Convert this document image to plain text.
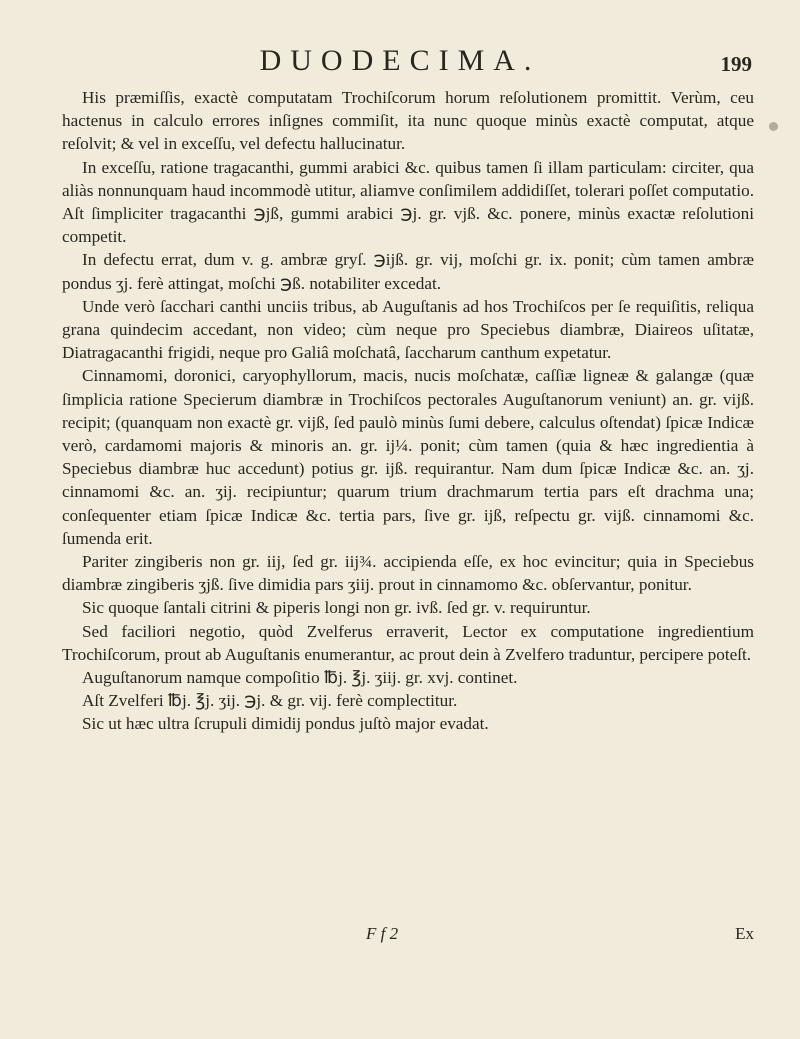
DUODECIMA.	199

His præmiſſis, exactè computatam Trochiſcorum horum reſolutionem promittit. Verùm, ceu hactenus in calculo errores inſignes commiſit, ita nunc quoque minùs exactè computat, atque reſolvit; & vel in exceſſu, vel defectu hallucinatur.

In exceſſu, ratione tragacanthi, gummi arabici &c. quibus tamen ſi illam particulam: circiter, qua aliàs nonnunquam haud incommodè utitur, aliamve conſimilem addidiſſet, tolerari poſſet computatio. Aſt ſimpliciter tragacanthi ℈jß, gummi arabici ℈j. gr. vjß. &c. ponere, minùs exactæ reſolutioni competit.

In defectu errat, dum v. g. ambræ gryſ. ℈ijß. gr. vij, moſchi gr. ix. ponit; cùm tamen ambræ pondus ʒj. ferè attingat, moſchi ℈ß. notabiliter excedat.

Unde verò ſacchari canthi unciis tribus, ab Auguſtanis ad hos Trochiſcos per ſe requiſitis, reliqua grana quindecim accedant, non video; cùm neque pro Speciebus diambræ, Diaireos uſitatæ, Diatragacanthi frigidi, neque pro Galiâ moſchatâ, ſaccharum canthum expetatur.

Cinnamomi, doronici, caryophyllorum, macis, nucis moſchatæ, caſſiæ ligneæ & galangæ (quæ ſimplicia ratione Specierum diambræ in Trochiſcos pectorales Auguſtanorum veniunt) an. gr. vijß. recipit; (quanquam non exactè gr. vijß, ſed paulò minùs ſumi debere, calculus oſtendat) ſpicæ Indicæ verò, cardamomi majoris & minoris an. gr. ij¼. ponit; cùm tamen (quia & hæc ingredientia à Speciebus diambræ huc accedunt) potius gr. ijß. requirantur. Nam dum ſpicæ Indicæ &c. an. ʒj. cinnamomi &c. an. ʒij. recipiuntur; quarum trium drachmarum tertia pars eſt drachma una; conſequenter etiam ſpicæ Indicæ &c. tertia pars, ſive gr. ijß, reſpectu gr. vijß. cinnamomi &c. ſumenda erit.

Pariter zingiberis non gr. iij, ſed gr. iij¾. accipienda eſſe, ex hoc evincitur; quia in Speciebus diambræ zingiberis ʒjß. ſive dimidia pars ʒiij. prout in cinnamomo &c. obſervantur, ponitur.

Sic quoque ſantali citrini & piperis longi non gr. ivß. ſed gr. v. requiruntur.

Sed faciliori negotio, quòd Zvelferus erraverit, Lector ex computatione ingredientium Trochiſcorum, prout ab Auguſtanis enumerantur, ac prout dein à Zvelfero traduntur, percipere poteſt.

Auguſtanorum namque compoſitio ℔j. ℥j. ʒiij. gr. xvj. continet.

Aſt Zvelferi ℔j. ℥j. ʒij. ℈j. & gr. vij. ferè complectitur.

Sic ut hæc ultra ſcrupuli dimidij pondus juſtò major evadat.

F f 2	Ex
